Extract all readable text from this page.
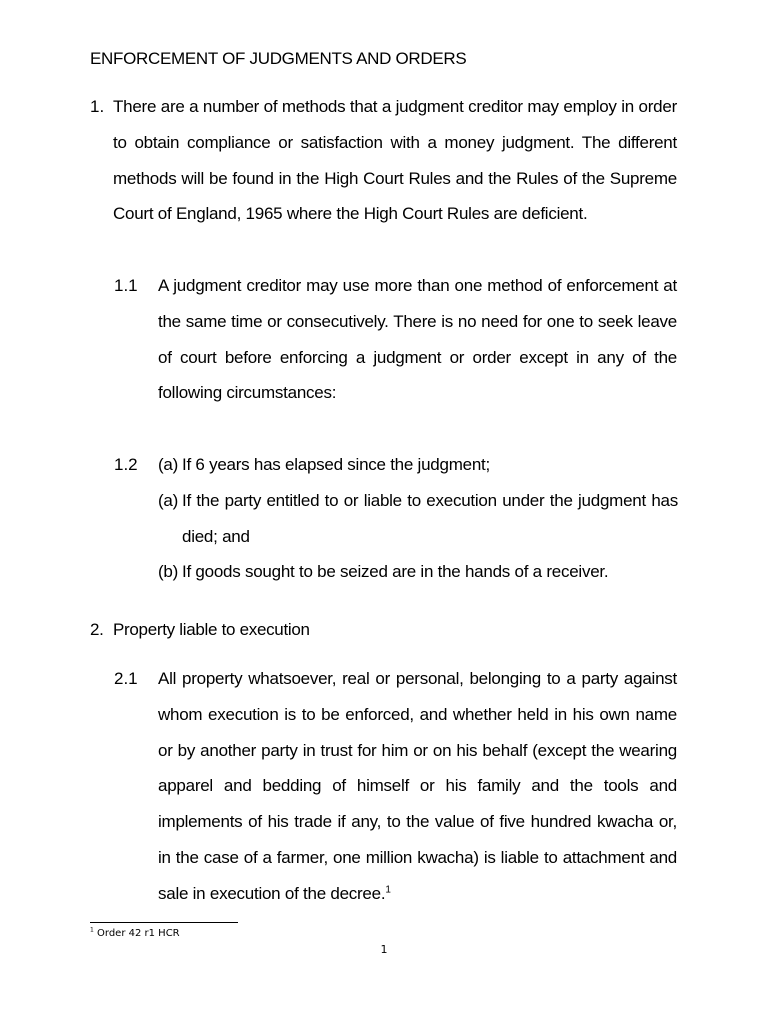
ENFORCEMENT OF JUDGMENTS AND ORDERS
1. There are a number of methods that a judgment creditor may employ in order to obtain compliance or satisfaction with a money judgment. The different methods will be found in the High Court Rules and the Rules of the Supreme Court of England, 1965 where the High Court Rules are deficient.
1.1 A judgment creditor may use more than one method of enforcement at the same time or consecutively. There is no need for one to seek leave of court before enforcing a judgment or order except in any of the following circumstances:
1.2 (a) If 6 years has elapsed since the judgment;
(a) If the party entitled to or liable to execution under the judgment has died; and
(b) If goods sought to be seized are in the hands of a receiver.
2. Property liable to execution
2.1 All property whatsoever, real or personal, belonging to a party against whom execution is to be enforced, and whether held in his own name or by another party in trust for him or on his behalf (except the wearing apparel and bedding of himself or his family and the tools and implements of his trade if any, to the value of five hundred kwacha or, in the case of a farmer, one million kwacha) is liable to attachment and sale in execution of the decree.$^1$
$^1$ Order 42 r1 HCR
1
